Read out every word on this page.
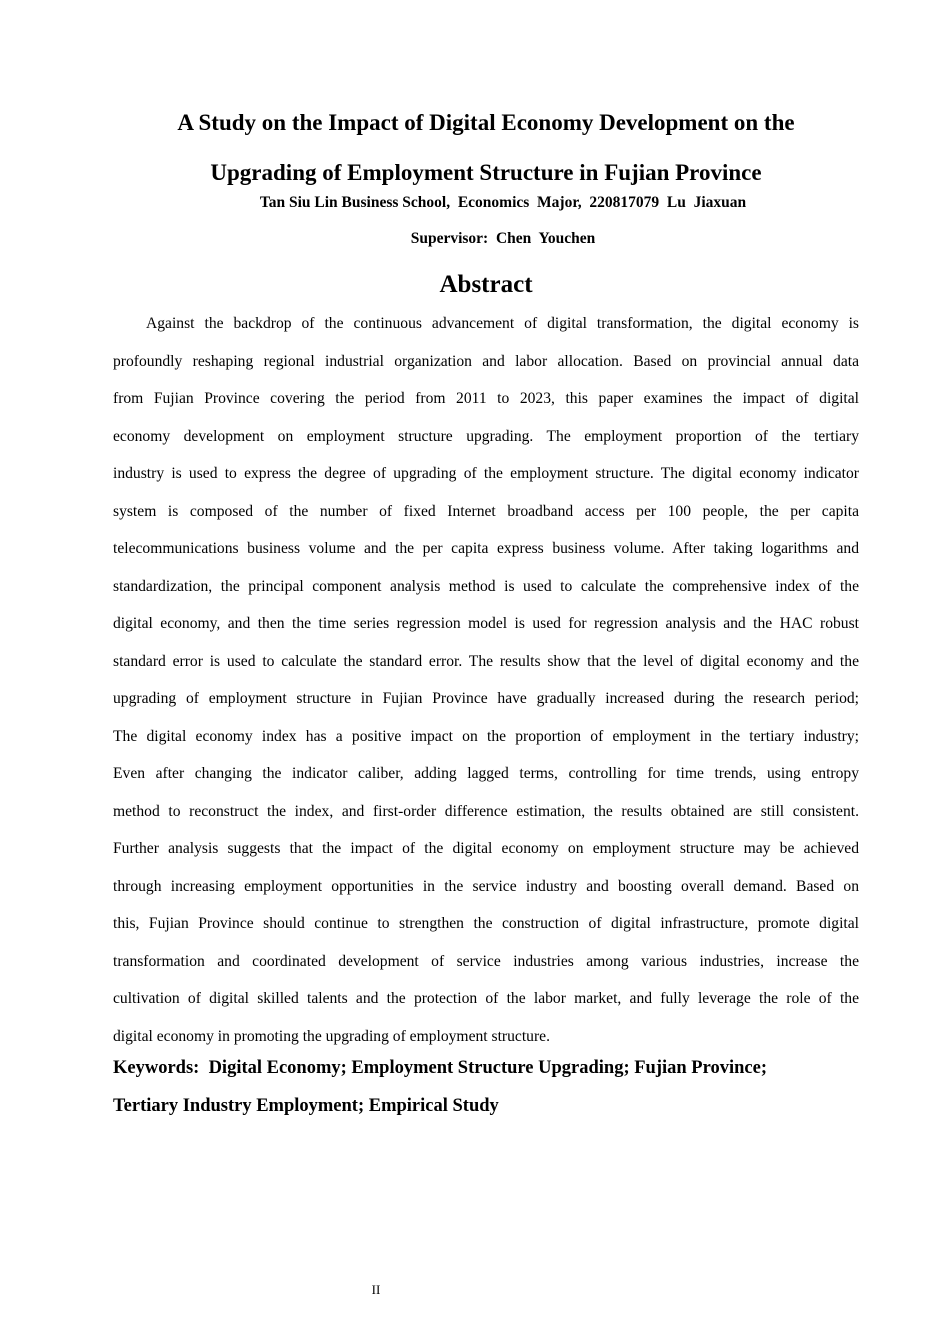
A Study on the Impact of Digital Economy Development on the
Upgrading of Employment Structure in Fujian Province
Tan Siu Lin Business School,  Economics  Major,  220817079  Lu  Jiaxuan
Supervisor:  Chen  Youchen
Abstract
Against the backdrop of the continuous advancement of digital transformation, the digital economy is
profoundly reshaping regional industrial organization and labor allocation. Based on provincial annual data
from Fujian Province covering the period from 2011 to 2023, this paper examines the impact of digital
economy development on employment structure upgrading. The employment proportion of the tertiary
industry is used to express the degree of upgrading of the employment structure. The digital economy indicator
system is composed of the number of fixed Internet broadband access per 100 people, the per capita
telecommunications business volume and the per capita express business volume. After taking logarithms and
standardization, the principal component analysis method is used to calculate the comprehensive index of the
digital economy, and then the time series regression model is used for regression analysis and the HAC robust
standard error is used to calculate the standard error. The results show that the level of digital economy and the
upgrading of employment structure in Fujian Province have gradually increased during the research period;
The digital economy index has a positive impact on the proportion of employment in the tertiary industry;
Even after changing the indicator caliber, adding lagged terms, controlling for time trends, using entropy
method to reconstruct the index, and first-order difference estimation, the results obtained are still consistent.
Further analysis suggests that the impact of the digital economy on employment structure may be achieved
through increasing employment opportunities in the service industry and boosting overall demand. Based on
this, Fujian Province should continue to strengthen the construction of digital infrastructure, promote digital
transformation and coordinated development of service industries among various industries, increase the
cultivation of digital skilled talents and the protection of the labor market, and fully leverage the role of the
digital economy in promoting the upgrading of employment structure.
Keywords:  Digital Economy; Employment Structure Upgrading; Fujian Province;
Tertiary Industry Employment; Empirical Study
II
